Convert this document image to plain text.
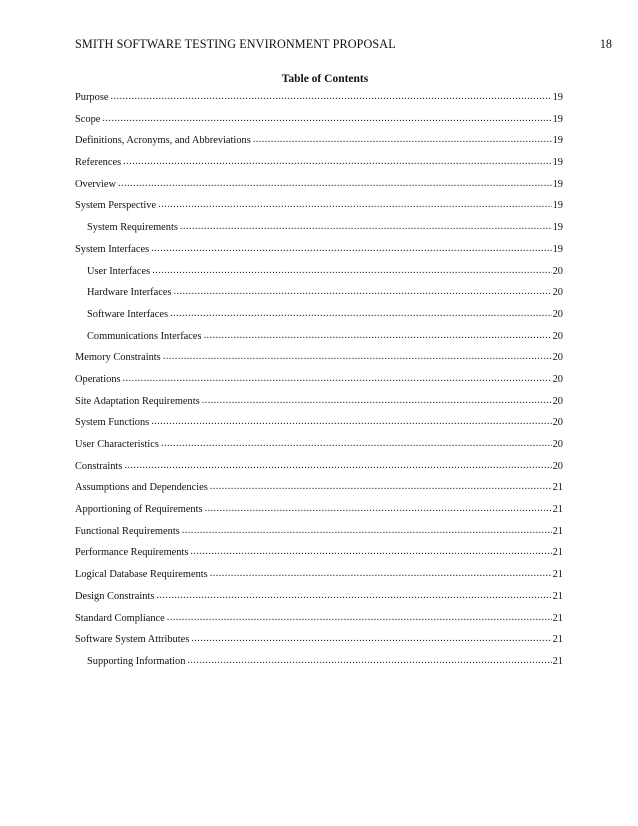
SMITH SOFTWARE TESTING ENVIRONMENT PROPOSAL	18
Table of Contents
Purpose .....	19
Scope .....	19
Definitions, Acronyms, and Abbreviations .....	19
References .....	19
Overview .....	19
System Perspective .....	19
System Requirements .....	19
System Interfaces .....	19
User Interfaces .....	20
Hardware Interfaces .....	20
Software Interfaces .....	20
Communications Interfaces .....	20
Memory Constraints .....	20
Operations .....	20
Site Adaptation Requirements .....	20
System Functions .....	20
User Characteristics .....	20
Constraints .....	20
Assumptions and Dependencies .....	21
Apportioning of Requirements .....	21
Functional Requirements .....	21
Performance Requirements .....	21
Logical Database Requirements .....	21
Design Constraints .....	21
Standard Compliance .....	21
Software System Attributes .....	21
Supporting Information .....	21
